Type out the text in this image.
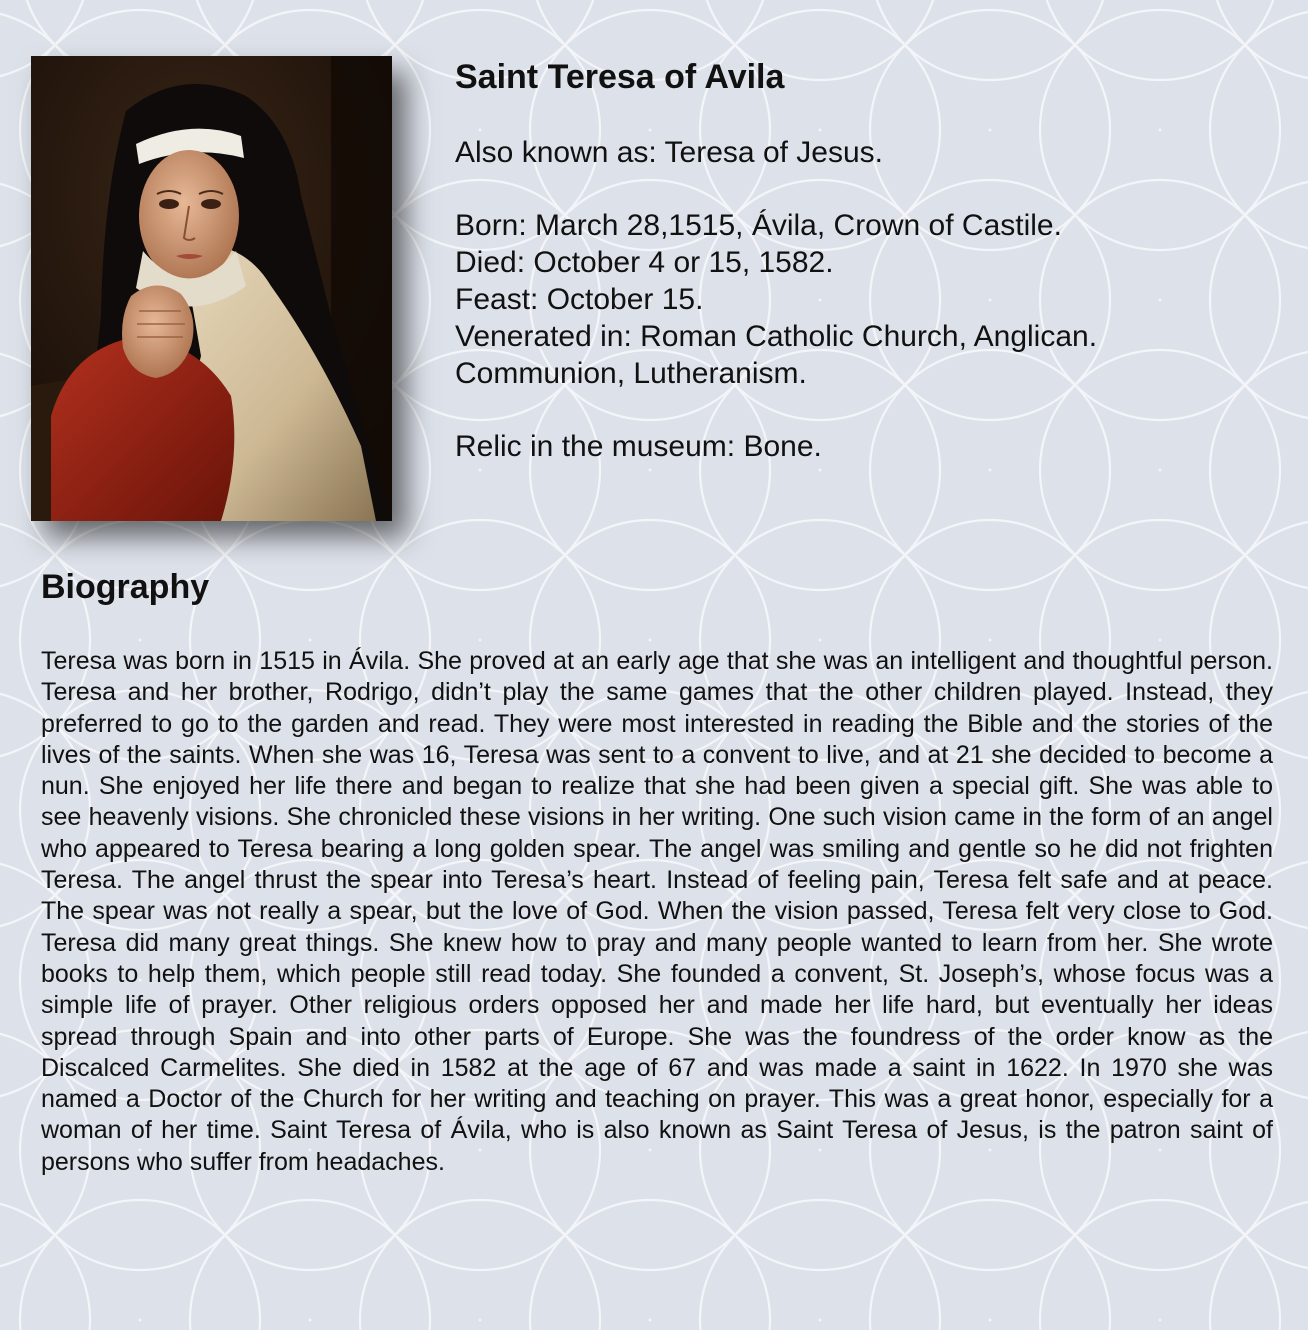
Saint Teresa of Avila

Also known as: Teresa of Jesus.

Born: March 28,1515, Ávila, Crown of Castile.

Died: October 4 or 15, 1582.

Feast: October 15.

Venerated in: Roman Catholic Church, Anglican.

Communion, Lutheranism.

Relic in the museum: Bone.

Biography

Teresa was born in 1515 in Ávila. She proved at an early age that she was an intelligent and thoughtful person. Teresa and her brother, Rodrigo, didn’t play the same games that the other children played. Instead, they preferred to go to the garden and read. They were most interested in reading the Bible and the stories of the lives of the saints. When she was 16, Teresa was sent to a convent to live, and at 21 she decided to become a nun. She enjoyed her life there and began to realize that she had been given a special gift. She was able to see heavenly visions. She chronicled these visions in her writing. One such vision came in the form of an angel who appeared to Teresa bearing a long golden spear. The angel was smiling and gentle so he did not frighten Teresa. The angel thrust the spear into Teresa’s heart. Instead of feeling pain, Teresa felt safe and at peace. The spear was not really a spear, but the love of God. When the vision passed, Teresa felt very close to God. Teresa did many great things. She knew how to pray and many people wanted to learn from her. She wrote books to help them, which people still read today. She founded a convent, St. Joseph’s, whose focus was a simple life of prayer. Other religious orders opposed her and made her life hard, but eventually her ideas spread through Spain and into other parts of Europe. She was the foundress of the order know as the Discalced Carmelites. She died in 1582 at the age of 67 and was made a saint in 1622. In 1970 she was named a Doctor of the Church for her writing and teaching on prayer. This was a great honor, especially for a woman of her time. Saint Teresa of Ávila, who is also known as Saint Teresa of Jesus, is the patron saint of persons who suffer from headaches.
